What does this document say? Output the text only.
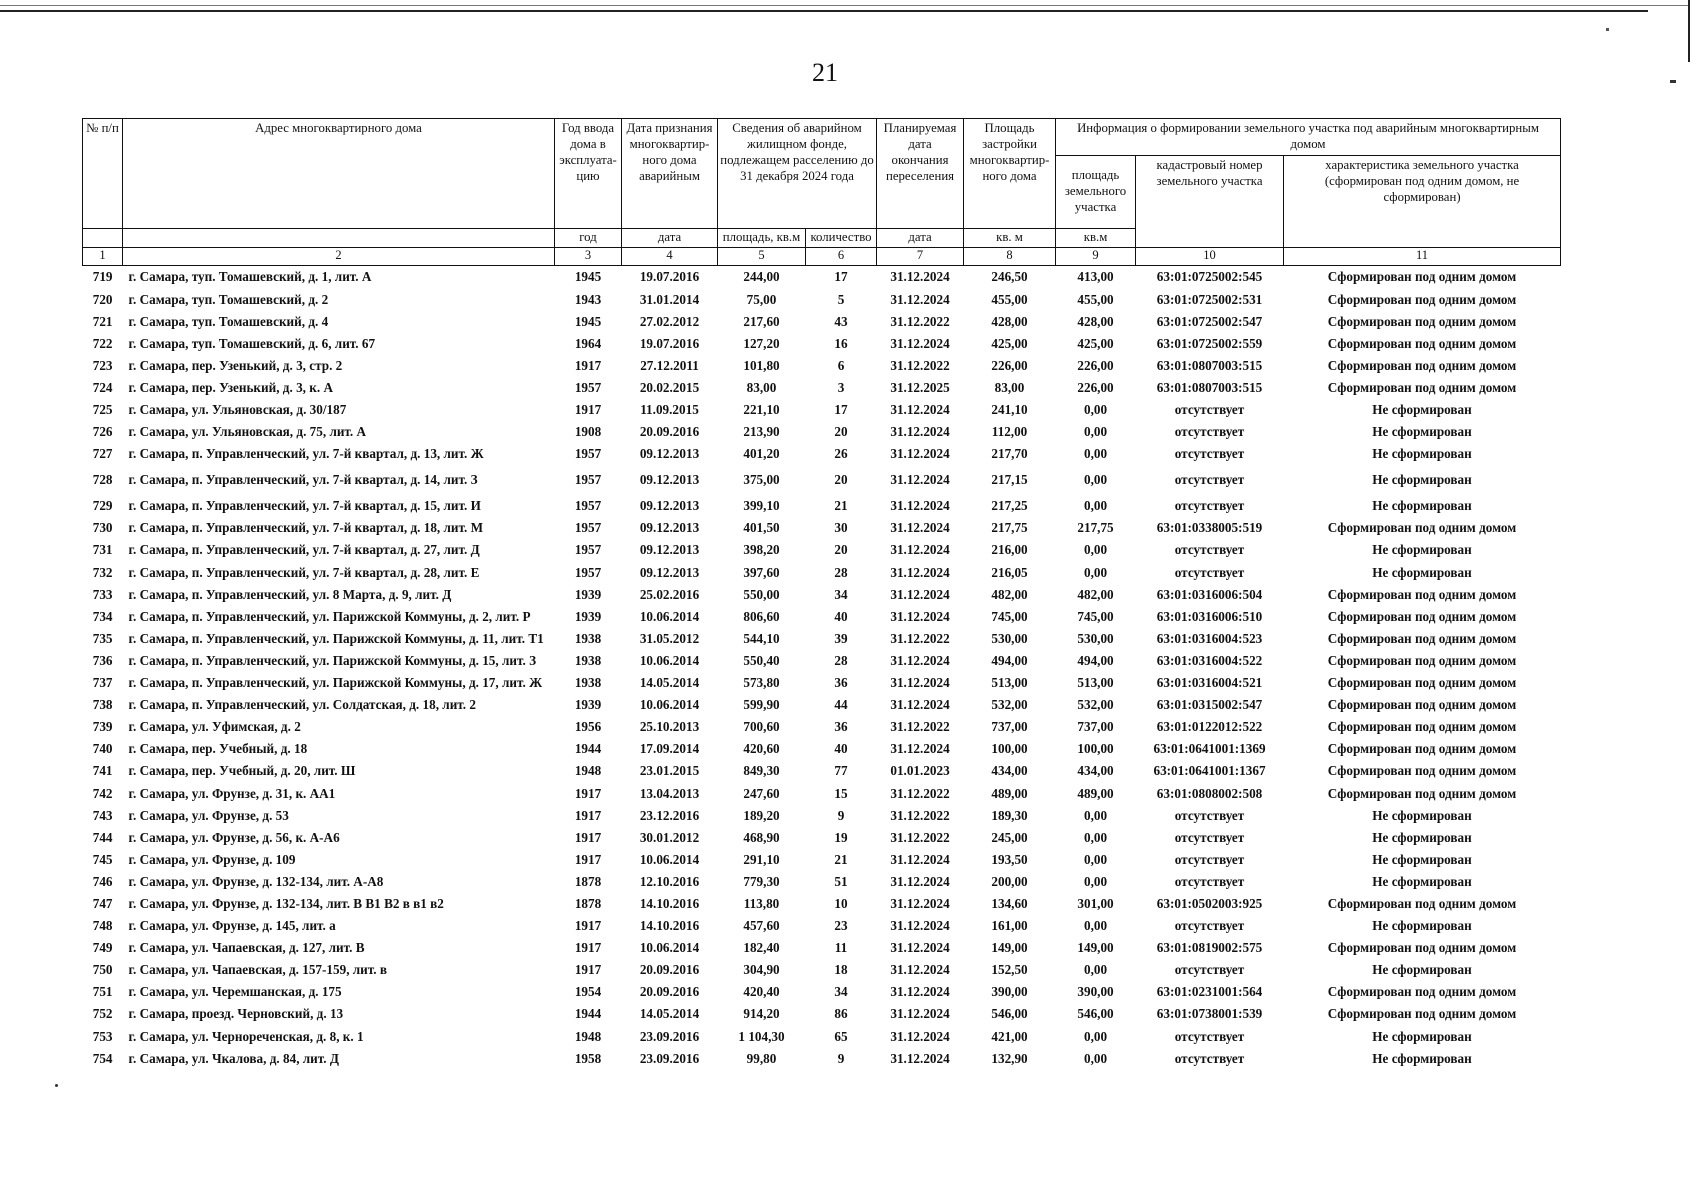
21
№ п/п	Адрес многоквартирного дома	Год ввода дома в эксплуата-цию	Дата признания многоквартир-ного дома аварийным	Сведения об аварийном жилищном фонде, подлежащем расселению до 31 декабря 2024 года		Планируемая дата окончания переселения	Площадь застройки многоквартир-ного дома	Информация о формировании земельного участка под аварийным многоквартирным домом		
								площадь земельного участка	кадастровый номер земельного участка	характеристика земельного участка (сформирован под одним домом, не сформирован)
		год	дата	площадь, кв.м	количество	дата	кв. м	кв.м		
1	2	3	4	5	6	7	8	9	10	11
719	г. Самара, туп. Томашевский, д. 1, лит. А	1945	19.07.2016	244,00	17	31.12.2024	246,50	413,00	63:01:0725002:545	Сформирован под одним домом
720	г. Самара, туп. Томашевский, д. 2	1943	31.01.2014	75,00	5	31.12.2024	455,00	455,00	63:01:0725002:531	Сформирован под одним домом
721	г. Самара, туп. Томашевский, д. 4	1945	27.02.2012	217,60	43	31.12.2022	428,00	428,00	63:01:0725002:547	Сформирован под одним домом
722	г. Самара, туп. Томашевский, д. 6, лит. 67	1964	19.07.2016	127,20	16	31.12.2024	425,00	425,00	63:01:0725002:559	Сформирован под одним домом
723	г. Самара, пер. Узенький, д. 3, стр. 2	1917	27.12.2011	101,80	6	31.12.2022	226,00	226,00	63:01:0807003:515	Сформирован под одним домом
724	г. Самара, пер. Узенький, д. 3, к. А	1957	20.02.2015	83,00	3	31.12.2025	83,00	226,00	63:01:0807003:515	Сформирован под одним домом
725	г. Самара, ул. Ульяновская, д. 30/187	1917	11.09.2015	221,10	17	31.12.2024	241,10	0,00	отсутствует	Не сформирован
726	г. Самара, ул. Ульяновская, д. 75, лит. А	1908	20.09.2016	213,90	20	31.12.2024	112,00	0,00	отсутствует	Не сформирован
727	г. Самара, п. Управленческий, ул. 7-й квартал, д. 13, лит. Ж	1957	09.12.2013	401,20	26	31.12.2024	217,70	0,00	отсутствует	Не сформирован
728	г. Самара, п. Управленческий, ул. 7-й квартал, д. 14, лит. З	1957	09.12.2013	375,00	20	31.12.2024	217,15	0,00	отсутствует	Не сформирован
729	г. Самара, п. Управленческий, ул. 7-й квартал, д. 15, лит. И	1957	09.12.2013	399,10	21	31.12.2024	217,25	0,00	отсутствует	Не сформирован
730	г. Самара, п. Управленческий, ул. 7-й квартал, д. 18, лит. М	1957	09.12.2013	401,50	30	31.12.2024	217,75	217,75	63:01:0338005:519	Сформирован под одним домом
731	г. Самара, п. Управленческий, ул. 7-й квартал, д. 27, лит. Д	1957	09.12.2013	398,20	20	31.12.2024	216,00	0,00	отсутствует	Не сформирован
732	г. Самара, п. Управленческий, ул. 7-й квартал, д. 28, лит. Е	1957	09.12.2013	397,60	28	31.12.2024	216,05	0,00	отсутствует	Не сформирован
733	г. Самара, п. Управленческий, ул. 8 Марта, д. 9, лит. Д	1939	25.02.2016	550,00	34	31.12.2024	482,00	482,00	63:01:0316006:504	Сформирован под одним домом
734	г. Самара, п. Управленческий, ул. Парижской Коммуны, д. 2, лит. Р	1939	10.06.2014	806,60	40	31.12.2024	745,00	745,00	63:01:0316006:510	Сформирован под одним домом
735	г. Самара, п. Управленческий, ул. Парижской Коммуны, д. 11, лит. Т1	1938	31.05.2012	544,10	39	31.12.2022	530,00	530,00	63:01:0316004:523	Сформирован под одним домом
736	г. Самара, п. Управленческий, ул. Парижской Коммуны, д. 15, лит. З	1938	10.06.2014	550,40	28	31.12.2024	494,00	494,00	63:01:0316004:522	Сформирован под одним домом
737	г. Самара, п. Управленческий, ул. Парижской Коммуны, д. 17, лит. Ж	1938	14.05.2014	573,80	36	31.12.2024	513,00	513,00	63:01:0316004:521	Сформирован под одним домом
738	г. Самара, п. Управленческий, ул. Солдатская, д. 18, лит. 2	1939	10.06.2014	599,90	44	31.12.2024	532,00	532,00	63:01:0315002:547	Сформирован под одним домом
739	г. Самара, ул. Уфимская, д. 2	1956	25.10.2013	700,60	36	31.12.2022	737,00	737,00	63:01:0122012:522	Сформирован под одним домом
740	г. Самара, пер. Учебный, д. 18	1944	17.09.2014	420,60	40	31.12.2024	100,00	100,00	63:01:0641001:1369	Сформирован под одним домом
741	г. Самара, пер. Учебный, д. 20, лит. Ш	1948	23.01.2015	849,30	77	01.01.2023	434,00	434,00	63:01:0641001:1367	Сформирован под одним домом
742	г. Самара, ул. Фрунзе, д. 31, к. АА1	1917	13.04.2013	247,60	15	31.12.2022	489,00	489,00	63:01:0808002:508	Сформирован под одним домом
743	г. Самара, ул. Фрунзе, д. 53	1917	23.12.2016	189,20	9	31.12.2022	189,30	0,00	отсутствует	Не сформирован
744	г. Самара, ул. Фрунзе, д. 56, к. А-А6	1917	30.01.2012	468,90	19	31.12.2022	245,00	0,00	отсутствует	Не сформирован
745	г. Самара, ул. Фрунзе, д. 109	1917	10.06.2014	291,10	21	31.12.2024	193,50	0,00	отсутствует	Не сформирован
746	г. Самара, ул. Фрунзе, д. 132-134, лит. А-А8	1878	12.10.2016	779,30	51	31.12.2024	200,00	0,00	отсутствует	Не сформирован
747	г. Самара, ул. Фрунзе, д. 132-134, лит. В В1 В2 в в1 в2	1878	14.10.2016	113,80	10	31.12.2024	134,60	301,00	63:01:0502003:925	Сформирован под одним домом
748	г. Самара, ул. Фрунзе, д. 145, лит. а	1917	14.10.2016	457,60	23	31.12.2024	161,00	0,00	отсутствует	Не сформирован
749	г. Самара, ул. Чапаевская, д. 127, лит. В	1917	10.06.2014	182,40	11	31.12.2024	149,00	149,00	63:01:0819002:575	Сформирован под одним домом
750	г. Самара, ул. Чапаевская, д. 157-159, лит. в	1917	20.09.2016	304,90	18	31.12.2024	152,50	0,00	отсутствует	Не сформирован
751	г. Самара, ул. Черемшанская, д. 175	1954	20.09.2016	420,40	34	31.12.2024	390,00	390,00	63:01:0231001:564	Сформирован под одним домом
752	г. Самара, проезд. Черновский, д. 13	1944	14.05.2014	914,20	86	31.12.2024	546,00	546,00	63:01:0738001:539	Сформирован под одним домом
753	г. Самара, ул. Чернореченская, д. 8, к. 1	1948	23.09.2016	1 104,30	65	31.12.2024	421,00	0,00	отсутствует	Не сформирован
754	г. Самара, ул. Чкалова, д. 84, лит. Д	1958	23.09.2016	99,80	9	31.12.2024	132,90	0,00	отсутствует	Не сформирован
